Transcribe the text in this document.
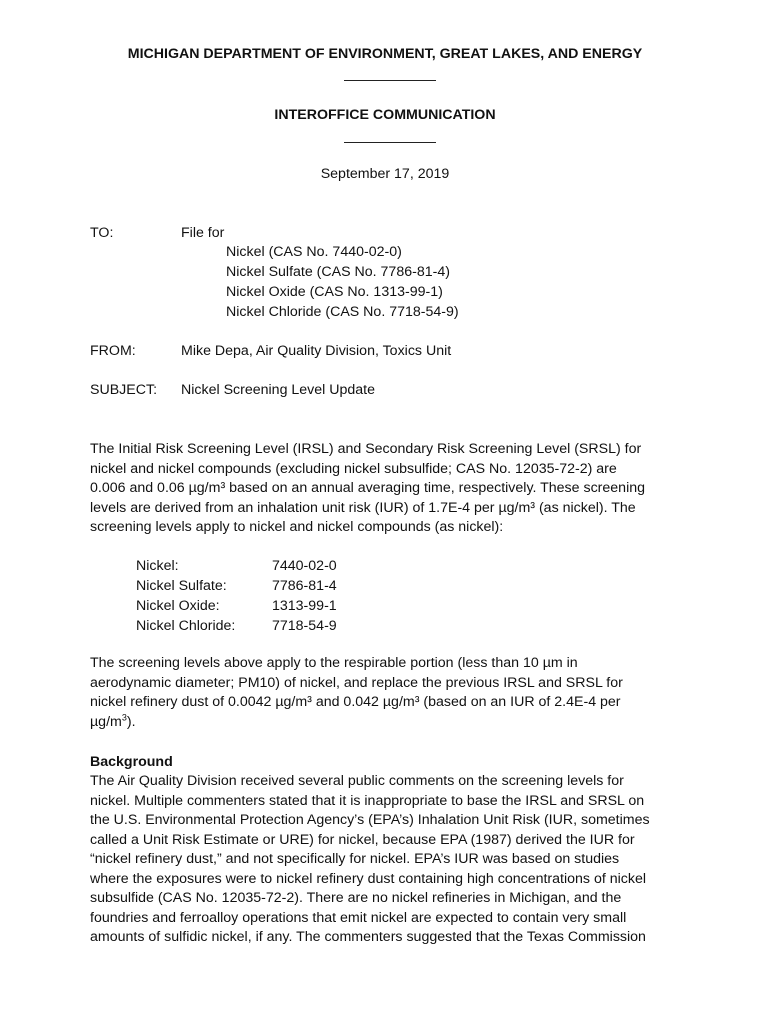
MICHIGAN DEPARTMENT OF ENVIRONMENT, GREAT LAKES, AND ENERGY
INTEROFFICE COMMUNICATION
September 17, 2019
TO:	File for
Nickel (CAS No. 7440-02-0)
Nickel Sulfate (CAS No. 7786-81-4)
Nickel Oxide (CAS No. 1313-99-1)
Nickel Chloride (CAS No. 7718-54-9)
FROM:	Mike Depa, Air Quality Division, Toxics Unit
SUBJECT: Nickel Screening Level Update
The Initial Risk Screening Level (IRSL) and Secondary Risk Screening Level (SRSL) for
nickel and nickel compounds (excluding nickel subsulfide; CAS No. 12035-72-2) are
0.006 and 0.06 µg/m³ based on an annual averaging time, respectively. These screening
levels are derived from an inhalation unit risk (IUR) of 1.7E-4 per µg/m³ (as nickel). The
screening levels apply to nickel and nickel compounds (as nickel):
Nickel:	7440-02-0
Nickel Sulfate:	7786-81-4
Nickel Oxide:	1313-99-1
Nickel Chloride:	7718-54-9
The screening levels above apply to the respirable portion (less than 10 µm in
aerodynamic diameter; PM10) of nickel, and replace the previous IRSL and SRSL for
nickel refinery dust of 0.0042 µg/m³ and 0.042 µg/m³ (based on an IUR of 2.4E-4 per
$\mu g/m^3$).
Background
The Air Quality Division received several public comments on the screening levels for
nickel. Multiple commenters stated that it is inappropriate to base the IRSL and SRSL on
the U.S. Environmental Protection Agency’s (EPA’s) Inhalation Unit Risk (IUR, sometimes
called a Unit Risk Estimate or URE) for nickel, because EPA (1987) derived the IUR for
“nickel refinery dust,” and not specifically for nickel. EPA’s IUR was based on studies
where the exposures were to nickel refinery dust containing high concentrations of nickel
subsulfide (CAS No. 12035-72-2). There are no nickel refineries in Michigan, and the
foundries and ferroalloy operations that emit nickel are expected to contain very small
amounts of sulfidic nickel, if any. The commenters suggested that the Texas Commission
